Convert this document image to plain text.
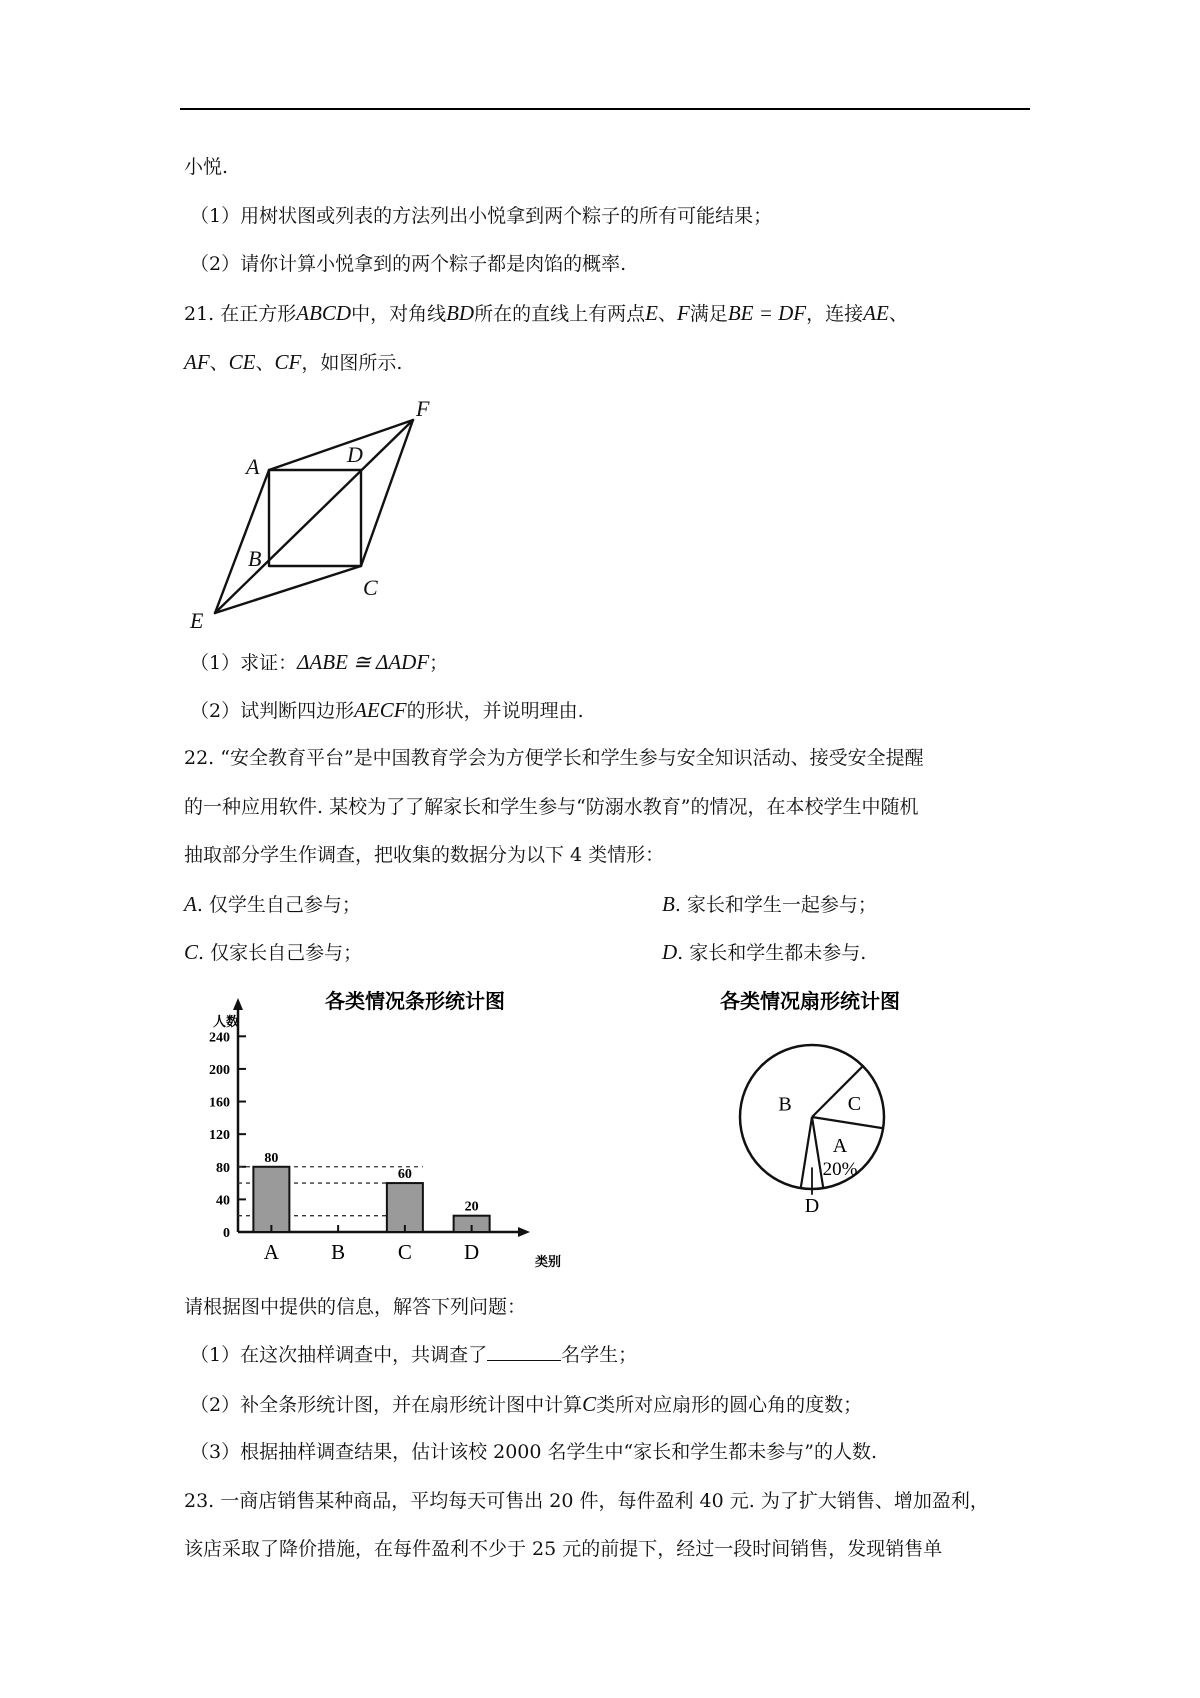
小悦.
（1）用树状图或列表的方法列出小悦拿到两个粽子的所有可能结果；
（2）请你计算小悦拿到的两个粽子都是肉馅的概率.
21. 在正方形ABCD中，对角线BD所在的直线上有两点E、F满足BE = DF，连接AE、
AF、CE、CF，如图所示.
A	D
F
B
C
E
（1）求证：ΔABE ≅ ΔADF；
（2）试判断四边形AECF的形状，并说明理由.
22. “安全教育平台”是中国教育学会为方便学长和学生参与安全知识活动、接受安全提醒
的一种应用软件. 某校为了了解家长和学生参与“防溺水教育”的情况，在本校学生中随机
抽取部分学生作调查，把收集的数据分为以下 4 类情形：
A. 仅学生自己参与；	B. 家长和学生一起参与；
C. 仅家长自己参与；	D. 家长和学生都未参与.
各类情况条形统计图
人数
类别
0
40
80
120
160
200
240
80
60
20
A B	C D
各类情况扇形统计图
B	C
A
D
20%
请根据图中提供的信息，解答下列问题：
（1）在这次抽样调查中，共调查了	名学生；
（2）补全条形统计图，并在扇形统计图中计算C类所对应扇形的圆心角的度数；
（3）根据抽样调查结果，估计该校 2000 名学生中“家长和学生都未参与”的人数.
23. 一商店销售某种商品，平均每天可售出 20 件，每件盈利 40 元. 为了扩大销售、增加盈利，
该店采取了降价措施，在每件盈利不少于 25 元的前提下，经过一段时间销售，发现销售单
